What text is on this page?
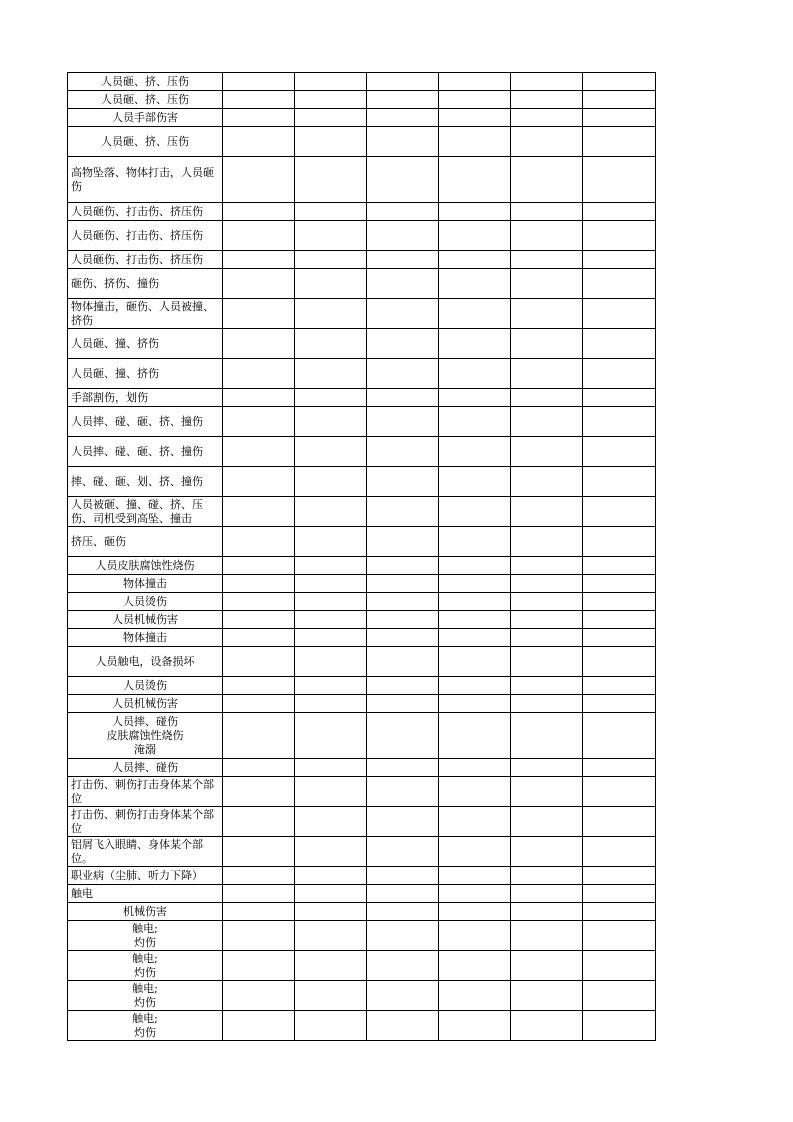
人员砸、挤、压伤						
人员砸、挤、压伤						
人员手部伤害						
人员砸、挤、压伤						
高物坠落、物体打击，人员砸伤						
人员砸伤、打击伤、挤压伤						
人员砸伤、打击伤、挤压伤						
人员砸伤、打击伤、挤压伤						
砸伤、挤伤、撞伤						
物体撞击，砸伤、人员被撞、挤伤						
人员砸、撞、挤伤						
人员砸、撞、挤伤						
手部割伤，划伤						
人员摔、碰、砸、挤、撞伤						
人员摔、碰、砸、挤、撞伤						
摔、碰、砸、划、挤、撞伤						
人员被砸、撞、碰、挤、压伤、司机受到高坠、撞击						
挤压、砸伤						
人员皮肤腐蚀性烧伤						
物体撞击						
人员烫伤						
人员机械伤害						
物体撞击						
人员触电，设备损坏						
人员烫伤						
人员机械伤害						

人员摔、碰伤
皮肤腐蚀性烧伤
淹溺						

人员摔、碰伤						
打击伤、刺伤打击身体某个部位						
打击伤、刺伤打击身体某个部位						
铝屑飞入眼睛、身体某个部位。						
职业病（尘肺、听力下降）						
触电						
机械伤害						

触电;
灼伤						

触电;
灼伤						

触电;
灼伤						

触电;
灼伤						
